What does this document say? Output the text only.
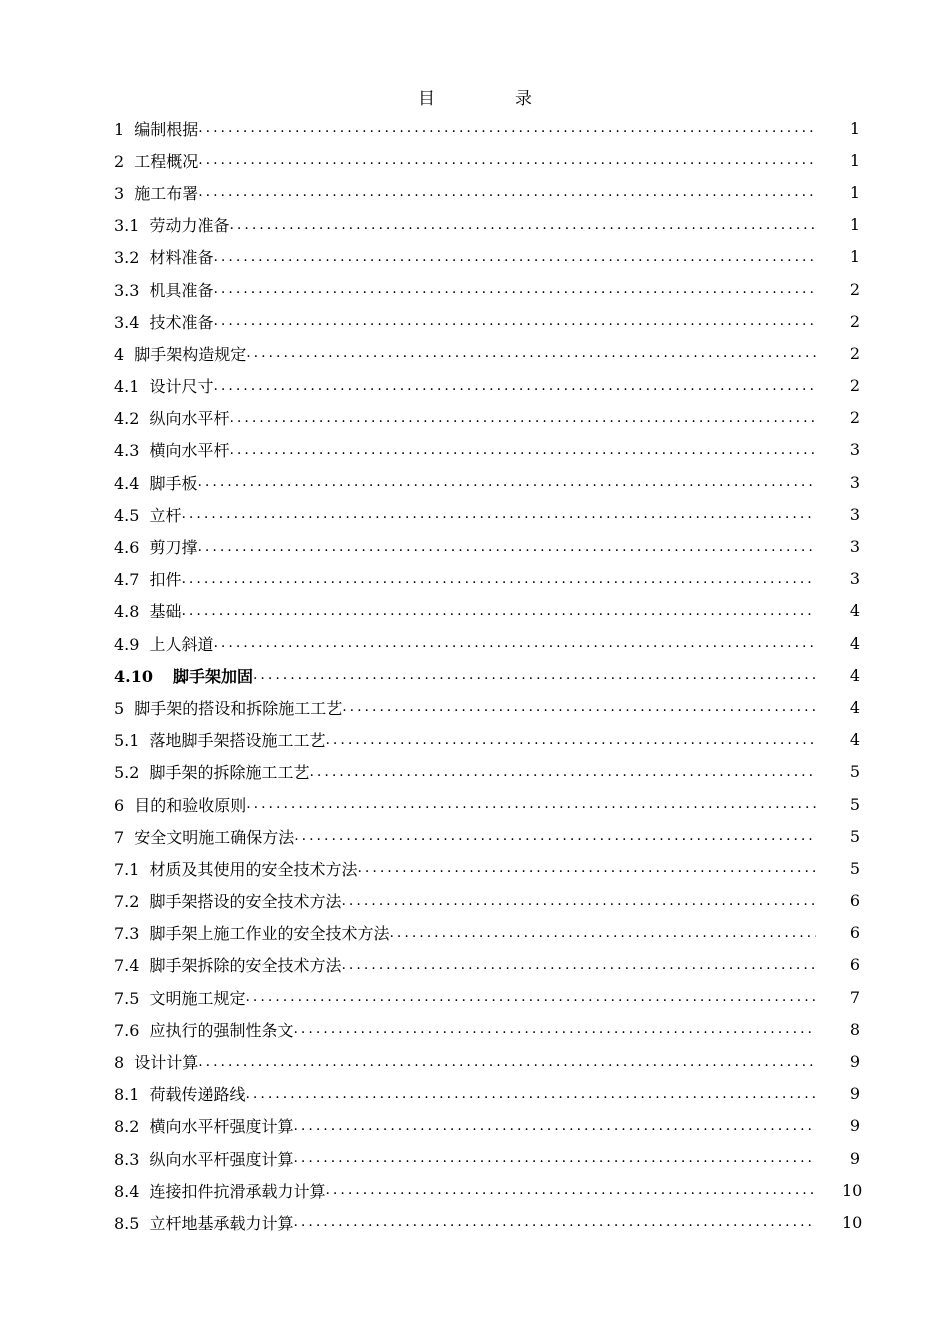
目	录
1 编制根据 .....	1
2 工程概况 .....	1
3 施工布署 .....	1
3.1 劳动力准备 .....	1
3.2 材料准备 .....	1
3.3 机具准备 .....	2
3.4 技术准备 .....	2
4 脚手架构造规定 .....	2
4.1 设计尺寸 .....	2
4.2 纵向水平杆 .....	2
4.3 横向水平杆 .....	3
4.4 脚手板 .....	3
4.5 立杆 .....	3
4.6 剪刀撑 .....	3
4.7 扣件 .....	3
4.8 基础 .....	4
4.9 上人斜道 .....	4
4.10 脚手架加固 .....	4
5 脚手架的搭设和拆除施工工艺 .....	4
5.1 落地脚手架搭设施工工艺 .....	4
5.2 脚手架的拆除施工工艺 .....	5
6 目的和验收原则 .....	5
7 安全文明施工确保方法 .....	5
7.1 材质及其使用的安全技术方法 .....	5
7.2 脚手架搭设的安全技术方法 .....	6
7.3 脚手架上施工作业的安全技术方法 .....	6
7.4 脚手架拆除的安全技术方法 .....	6
7.5 文明施工规定 .....	7
7.6 应执行的强制性条文 .....	8
8 设计计算 .....	9
8.1 荷载传递路线 .....	9
8.2 横向水平杆强度计算 .....	9
8.3 纵向水平杆强度计算 .....	9
8.4 连接扣件抗滑承载力计算 .....	10
8.5 立杆地基承载力计算 .....	10
